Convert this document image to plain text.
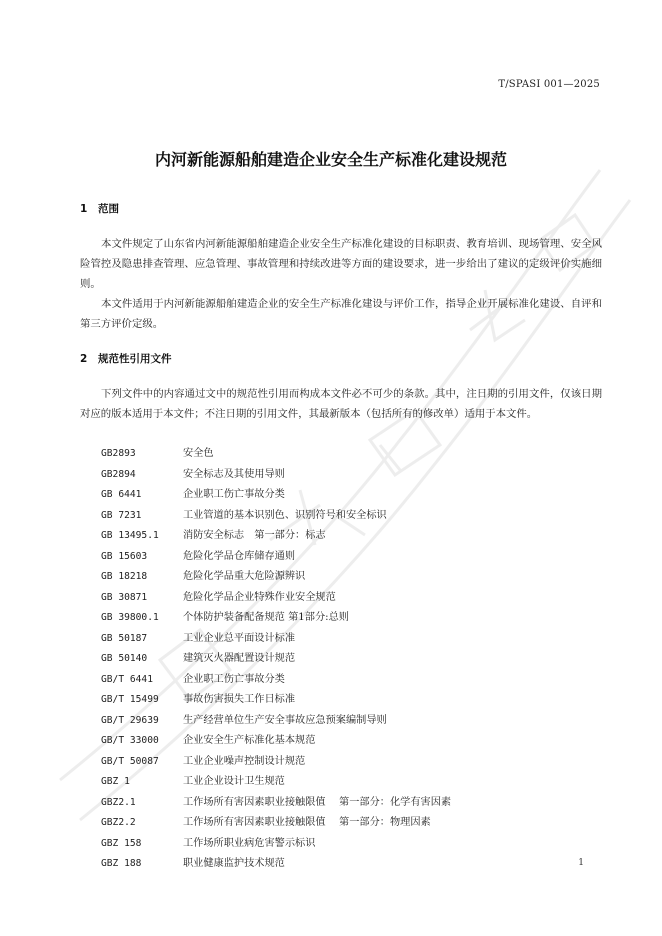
T/SPASI 001—2025
内河新能源船舶建造企业安全生产标准化建设规范
1 范围
本文件规定了山东省内河新能源船舶建造企业安全生产标准化建设的目标职责、教育培训、现场管理、安全风险管控及隐患排查管理、应急管理、事故管理和持续改进等方面的建设要求，进一步给出了建议的定级评价实施细则。
本文件适用于内河新能源船舶建造企业的安全生产标准化建设与评价工作，指导企业开展标准化建设、自评和第三方评价定级。
2 规范性引用文件
下列文件中的内容通过文中的规范性引用而构成本文件必不可少的条款。其中，注日期的引用文件，仅该日期对应的版本适用于本文件；不注日期的引用文件，其最新版本（包括所有的修改单）适用于本文件。
GB2893	安全色
GB2894	安全标志及其使用导则
GB 6441	企业职工伤亡事故分类
GB 7231	工业管道的基本识别色、识别符号和安全标识
GB 13495.1 消防安全标志　第一部分：标志
GB 15603	危险化学品仓库储存通则
GB 18218	危险化学品重大危险源辨识
GB 30871	危险化学品企业特殊作业安全规范
GB 39800.1 个体防护装备配备规范 第1部分:总则
GB 50187	工业企业总平面设计标准
GB 50140	建筑灭火器配置设计规范
GB/T 6441	企业职工伤亡事故分类
GB/T 15499 事故伤害损失工作日标准
GB/T 29639 生产经营单位生产安全事故应急预案编制导则
GB/T 33000 企业安全生产标准化基本规范
GB/T 50087 工业企业噪声控制设计规范
GBZ 1	工业企业设计卫生规范
GBZ2.1	工作场所有害因素职业接触限值　 第一部分：化学有害因素
GBZ2.2	工作场所有害因素职业接触限值　 第一部分：物理因素
GBZ 158	工作场所职业病危害警示标识
GBZ 188	职业健康监护技术规范	1
